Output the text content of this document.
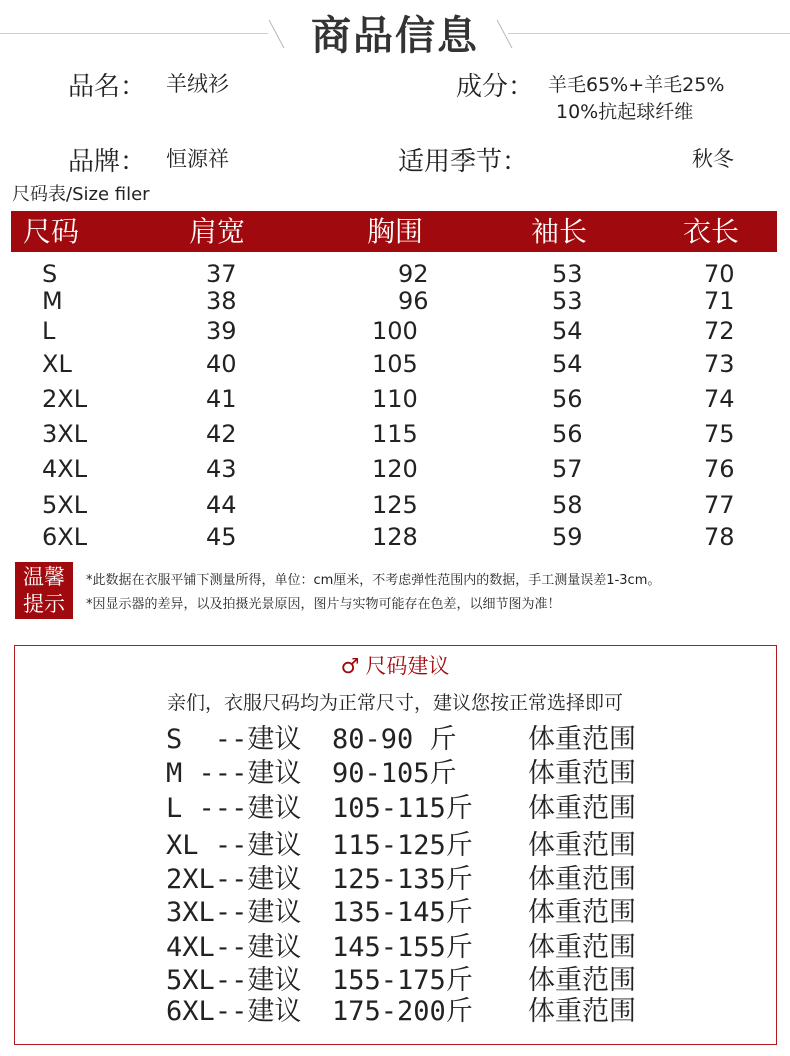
商品信息
品名： 羊绒衫	成分： 羊毛65%+羊毛25%
10%抗起球纤维
品牌： 恒源祥	适用季节：	秋冬
尺码表/Size filer
尺码	肩宽	胸围	袖长	衣长
S	37	92	53	70
M	38	96	53	71
L	39	100	54	72
XL	40	105	54	73
2XL	41	110	56	74
3XL	42	115	56	75
4XL	43	120	57	76
5XL	44	125	58	77
6XL	45	128	59	78
温馨
提示
*此数据在衣服平铺下测量所得，单位：cm厘米，不考虑弹性范围内的数据，手工测量误差1-3cm。
*因显示器的差异，以及拍摄光景原因，图片与实物可能存在色差，以细节图为准！
♂ 尺码建议
亲们，衣服尺码均为正常尺寸，建议您按正常选择即可
S --建议 80-90 斤	体重范围
M ---建议 90-105斤	体重范围
L ---建议 105-115斤 体重范围
XL --建议 115-125斤 体重范围
2XL --建议 125-135斤 体重范围
3XL --建议 135-145斤 体重范围
4XL --建议 145-155斤 体重范围
5XL --建议 155-175斤 体重范围
6XL --建议 175-200斤 体重范围
